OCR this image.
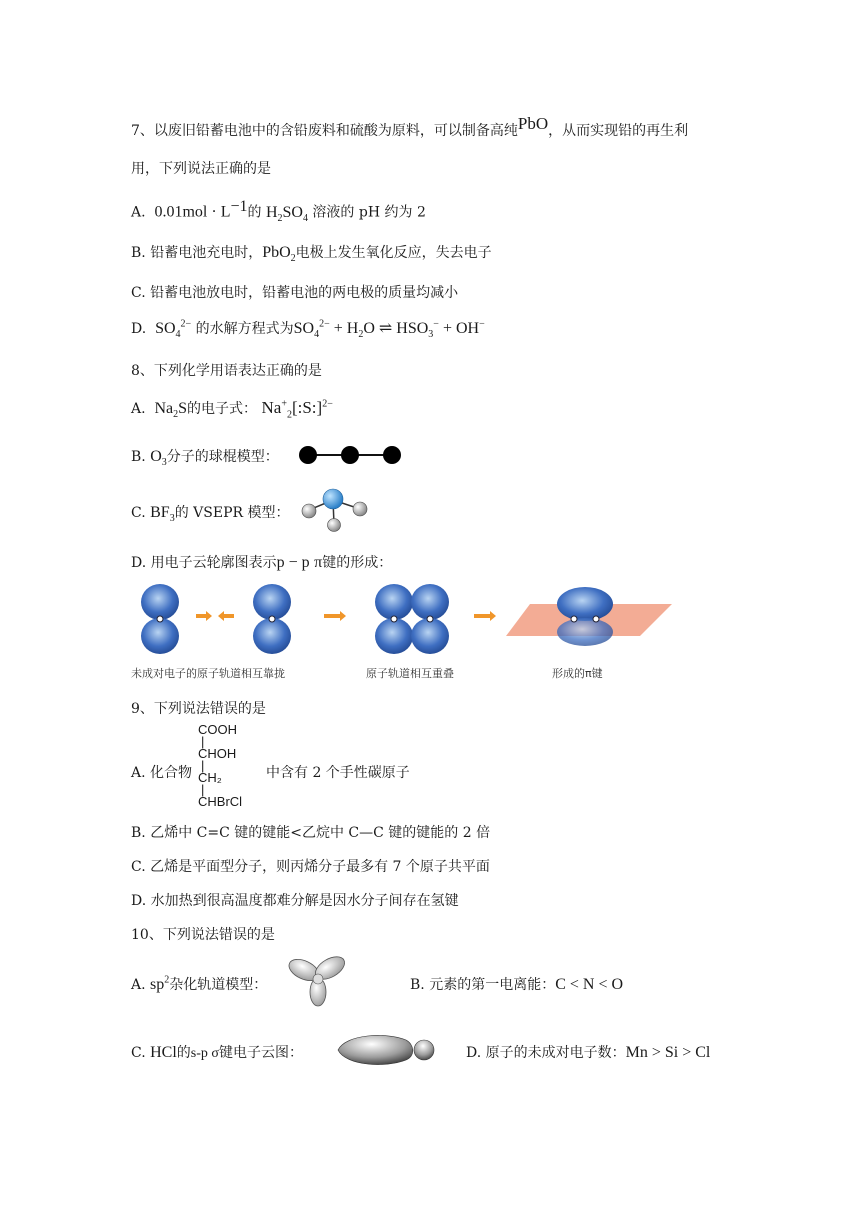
7、以废旧铅蓄电池中的含铅废料和硫酸为原料，可以制备高纯PbO，从而实现铅的再生利
用，下列说法正确的是
A. $0.01mol \cdot L^{-1}$的 $H_2SO_4$ 溶液的 pH 约为 2
B. 铅蓄电池充电时，PbO$_2$电极上发生氧化反应，失去电子
C. 铅蓄电池放电时，铅蓄电池的两电极的质量均减小
D. $SO_4^{2-}$ 的水解方程式为$SO_4^{2-} + H_2O$ ⇌ $HSO_3^- + OH^-$
8、下列化学用语表达正确的是
A. $Na_2S$的电子式： $Na^+_2[:S:]^{2-}$
B. $O_3$分子的球棍模型：
C. $BF_3$的 VSEPR 模型：
D. 用电子云轮廓图表示p − p π键的形成：
未成对电子的原子轨道相互靠拢	原子轨道相互重叠	形成的π键
9、下列说法错误的是
A. 化合物
COOH
|
CHOH
|
CH₂
|
CHBrCl
中含有 2 个手性碳原子
B. 乙烯中 C=C 键的键能<乙烷中 C—C 键的键能的 2 倍
C. 乙烯是平面型分子，则丙烯分子最多有 7 个原子共平面
D. 水加热到很高温度都难分解是因水分子间存在氢键
10、下列说法错误的是
A. $sp^2$杂化轨道模型：	B. 元素的第一电离能：C < N < O
C. HCl的s-p σ键电子云图：	D. 原子的未成对电子数：Mn > Si > Cl
